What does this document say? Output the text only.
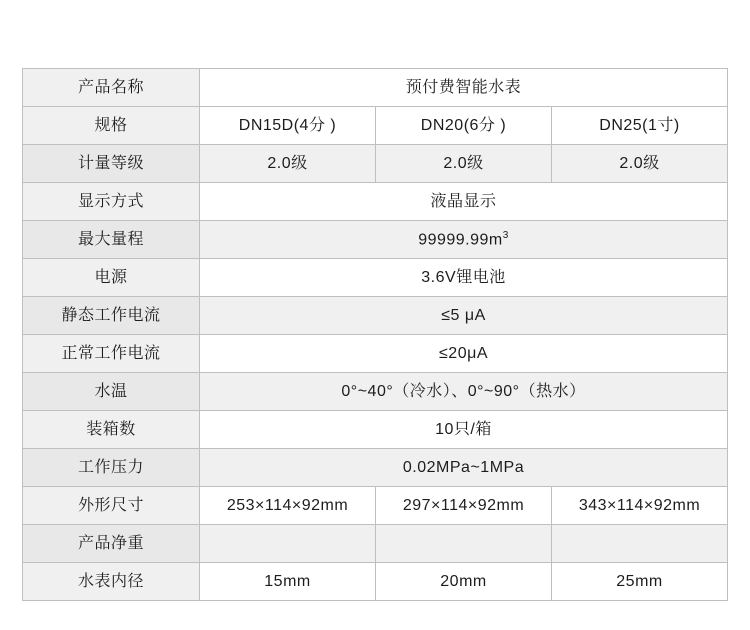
产品名称	预付费智能水表		
规格	DN15D(4分 )	DN20(6分 )	DN25(1寸)
计量等级	2.0级	2.0级	2.0级
显示方式	液晶显示		
最大量程	$99999.99m^3$
电源	3.6V锂电池		
静态工作电流	≤5 μA		
正常工作电流	≤20μA		
水温	0°~40°（冷水）、0°~90°（热水）		
装箱数	10只/箱		
工作压力	0.02MPa~1MPa		
外形尺寸	253×114×92mm	297×114×92mm	343×114×92mm
产品净重			
水表内径	15mm	20mm	25mm
